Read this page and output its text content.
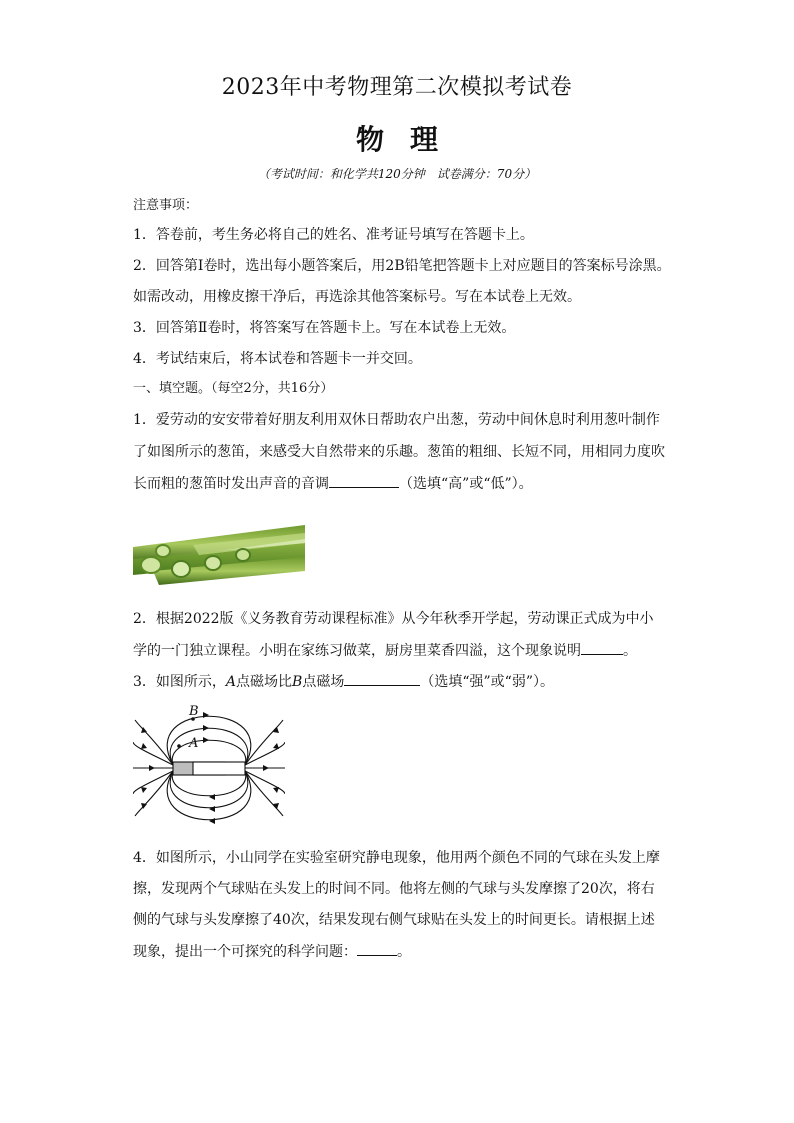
2023年中考物理第二次模拟考试卷
物理
（考试时间：和化学共120分钟　试卷满分：70分）
注意事项：
1．答卷前，考生务必将自己的姓名、准考证号填写在答题卡上。
2．回答第Ⅰ卷时，选出每小题答案后，用2B铅笔把答题卡上对应题目的答案标号涂黑。
如需改动，用橡皮擦干净后，再选涂其他答案标号。写在本试卷上无效。
3．回答第Ⅱ卷时，将答案写在答题卡上。写在本试卷上无效。
4．考试结束后，将本试卷和答题卡一并交回。
一、填空题。（每空2分，共16分）
1．爱劳动的安安带着好朋友利用双休日帮助农户出葱，劳动中间休息时利用葱叶制作
了如图所示的葱笛，来感受大自然带来的乐趣。葱笛的粗细、长短不同，用相同力度吹
长而粗的葱笛时发出声音的音调	（选填“高”或“低”）。
2．根据2022版《义务教育劳动课程标准》从今年秋季开学起，劳动课正式成为中小
学的一门独立课程。小明在家练习做菜，厨房里菜香四溢，这个现象说明	。
3．如图所示，A点磁场比B点磁场	（选填“强”或“弱”）。
B
A
4．如图所示，小山同学在实验室研究静电现象，他用两个颜色不同的气球在头发上摩
擦，发现两个气球贴在头发上的时间不同。他将左侧的气球与头发摩擦了20次，将右
侧的气球与头发摩擦了40次，结果发现右侧气球贴在头发上的时间更长。请根据上述
现象，提出一个可探究的科学问题：	。
